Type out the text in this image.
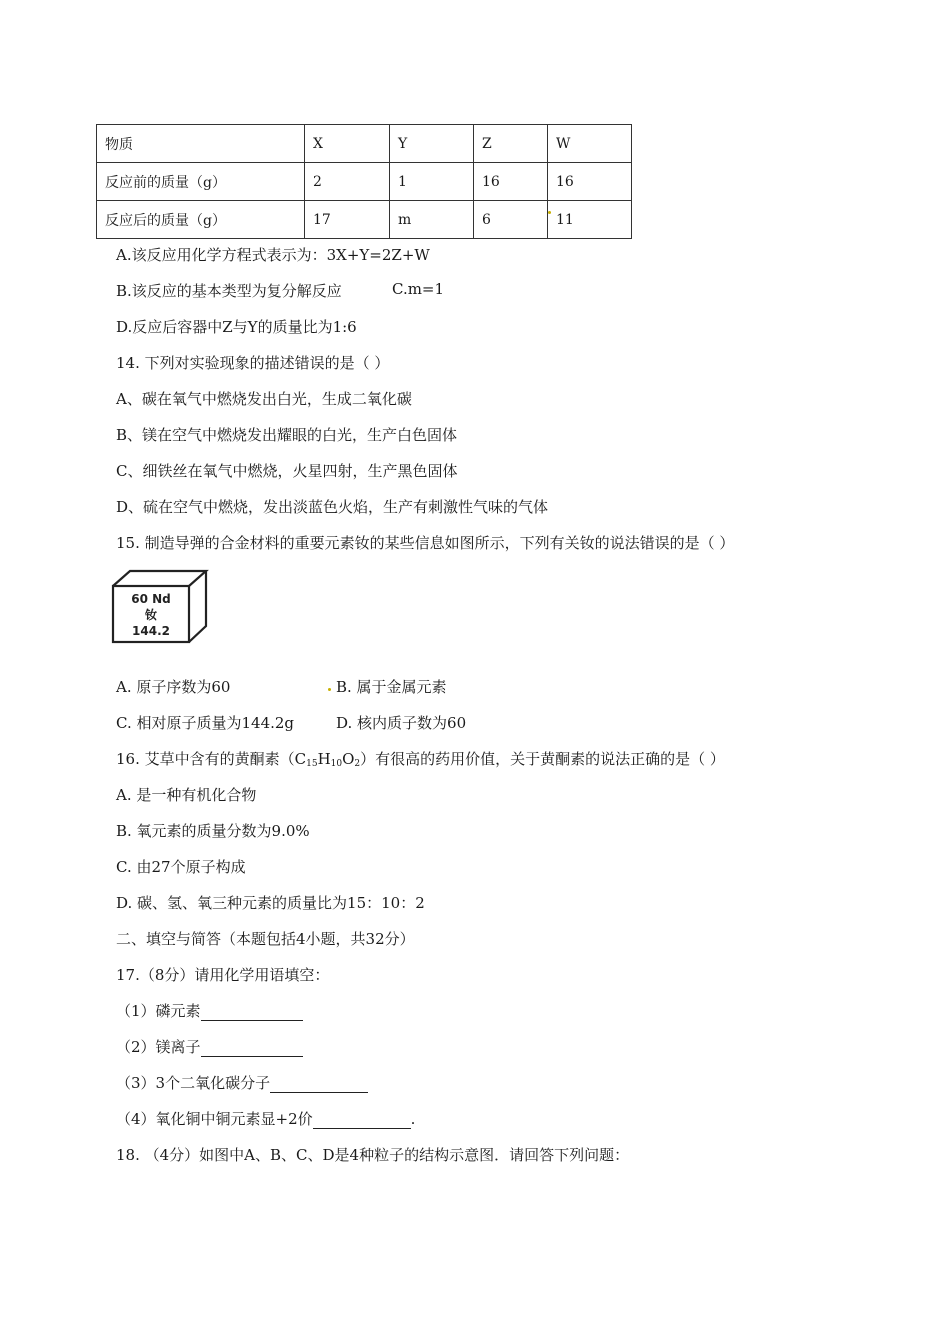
物质	X	Y	Z	W
反应前的质量（g）	2	1	16	16
反应后的质量（g）	17	m	6	11
A.该反应用化学方程式表示为：3X+Y=2Z+W
B.该反应的基本类型为复分解反应	C.m=1
D.反应后容器中Z与Y的质量比为1:6
14. 下列对实验现象的描述错误的是（ ）
A、碳在氧气中燃烧发出白光，生成二氧化碳
B、镁在空气中燃烧发出耀眼的白光，生产白色固体
C、细铁丝在氧气中燃烧，火星四射，生产黑色固体
D、硫在空气中燃烧，发出淡蓝色火焰，生产有刺激性气味的气体
15. 制造导弹的合金材料的重要元素钕的某些信息如图所示，下列有关钕的说法错误的是（ ）
60 Nd
钕
144.2
A. 原子序数为60	B. 属于金属元素
C. 相对原子质量为144.2g	D. 核内质子数为60
16. 艾草中含有的黄酮素$(C_{15}H_{10}O_2)$有很高的药用价值，关于黄酮素的说法正确的是（ ）
A. 是一种有机化合物
B. 氧元素的质量分数为9.0%
C. 由27个原子构成
D. 碳、氢、氧三种元素的质量比为15：10：2
二、填空与简答（本题包括4小题，共32分）
17.（8分）请用化学用语填空：
（1）磷元素
（2）镁离子
（3）3个二氧化碳分子
（4）氧化铜中铜元素显+2价	.
18. （4分）如图中A、B、C、D是4种粒子的结构示意图．请回答下列问题：
